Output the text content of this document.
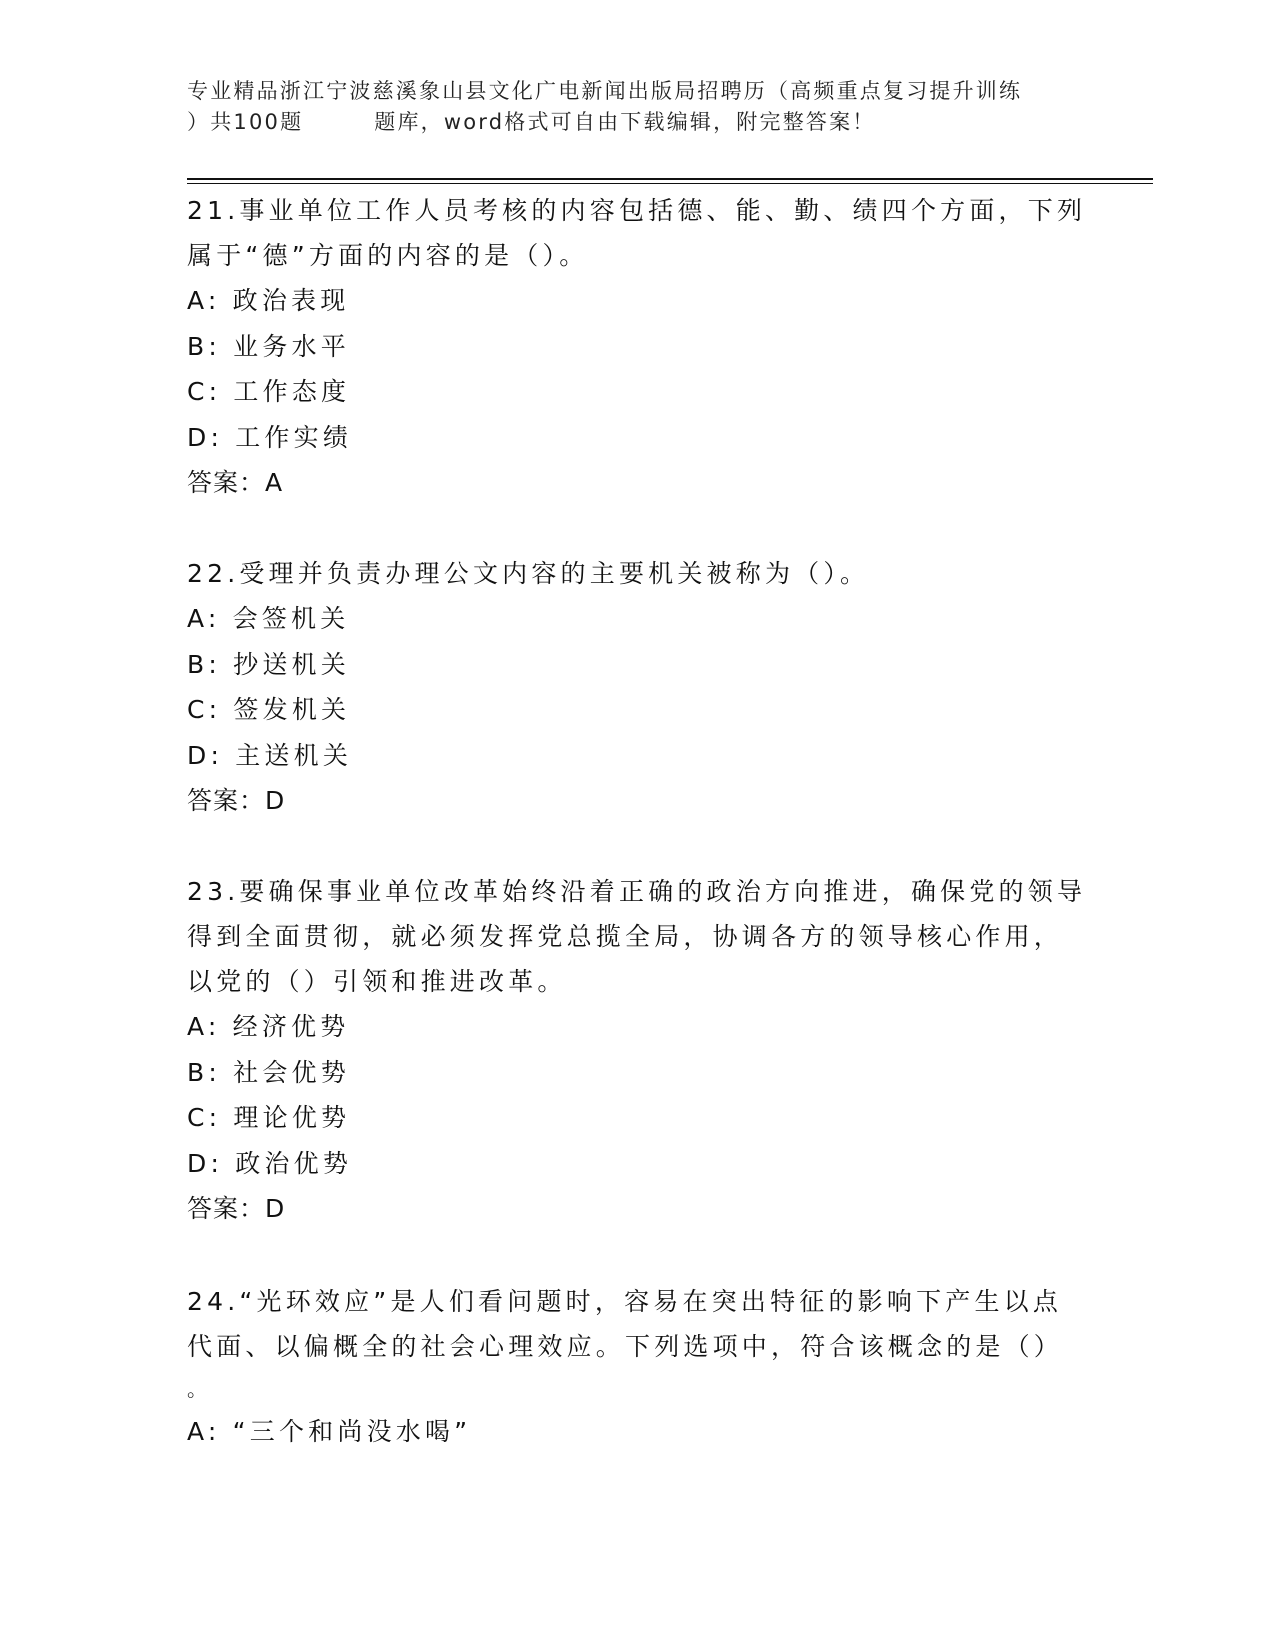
专业精品浙江宁波慈溪象山县文化广电新闻出版局招聘历（高频重点复习提升训练
）共100题        题库，word格式可自由下载编辑，附完整答案！
21.事业单位工作人员考核的内容包括德、能、勤、绩四个方面，下列
属于“德”方面的内容的是（）。
A: 政治表现
B: 业务水平
C: 工作态度
D: 工作实绩
答案：A
22.受理并负责办理公文内容的主要机关被称为（）。
A: 会签机关
B: 抄送机关
C: 签发机关
D: 主送机关
答案：D
23.要确保事业单位改革始终沿着正确的政治方向推进，确保党的领导
得到全面贯彻，就必须发挥党总揽全局，协调各方的领导核心作用，
以党的（）引领和推进改革。
A: 经济优势
B: 社会优势
C: 理论优势
D: 政治优势
答案：D
24.“光环效应”是人们看问题时，容易在突出特征的影响下产生以点
代面、以偏概全的社会心理效应。下列选项中，符合该概念的是（）
。
A: “三个和尚没水喝”
